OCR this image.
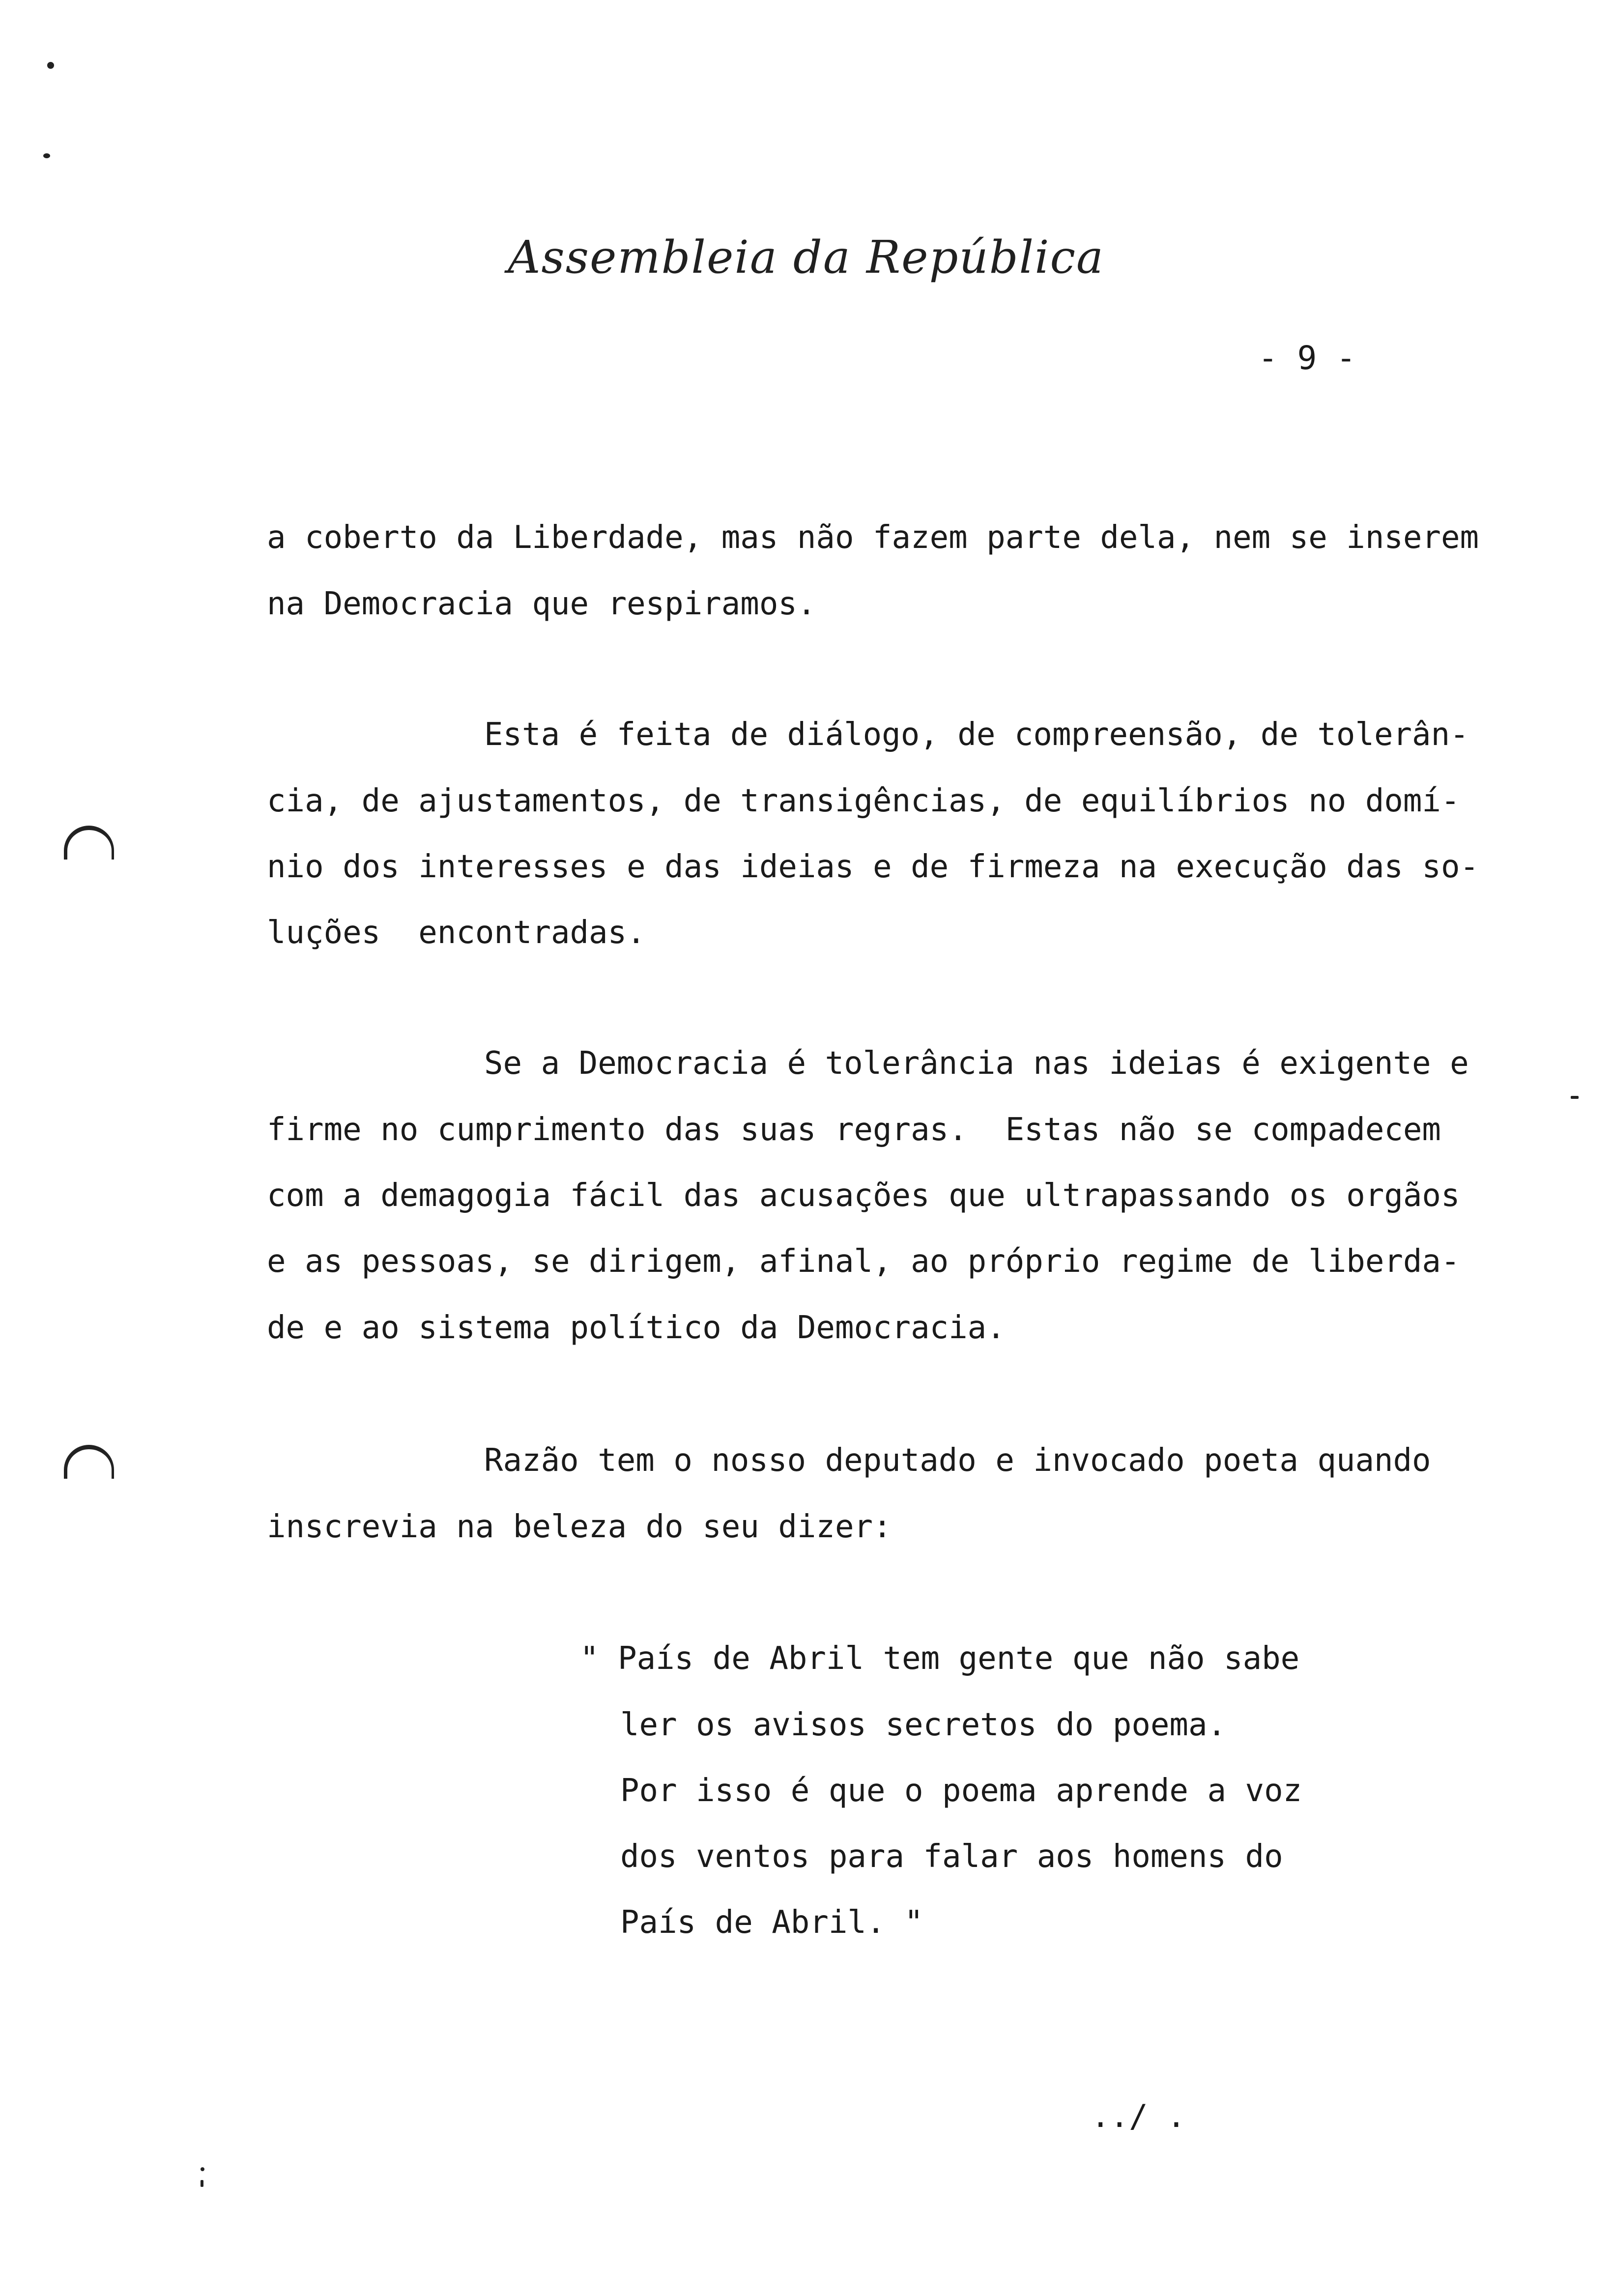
Assembleia da República
- 9 -
a coberto da Liberdade, mas não fazem parte dela, nem se inserem
na Democracia que respiramos.
Esta é feita de diálogo, de compreensão, de tolerân-
cia, de ajustamentos, de transigências, de equilíbrios no domí-
nio dos interesses e das ideias e de firmeza na execução das so-
luções  encontradas.
Se a Democracia é tolerância nas ideias é exigente e
firme no cumprimento das suas regras.  Estas não se compadecem
com a demagogia fácil das acusações que ultrapassando os orgãos
e as pessoas, se dirigem, afinal, ao próprio regime de liberda-
de e ao sistema político da Democracia.
Razão tem o nosso deputado e invocado poeta quando
inscrevia na beleza do seu dizer:
" País de Abril tem gente que não sabe
ler os avisos secretos do poema.
Por isso é que o poema aprende a voz
dos ventos para falar aos homens do
País de Abril. "
../ .
